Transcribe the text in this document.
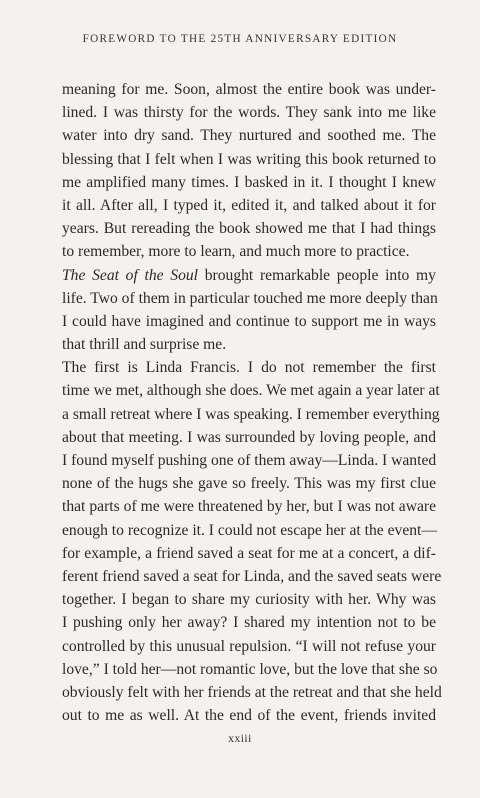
FOREWORD TO THE 25TH ANNIVERSARY EDITION
meaning for me. Soon, almost the entire book was under-
lined. I was thirsty for the words. They sank into me like
water into dry sand. They nurtured and soothed me. The
blessing that I felt when I was writing this book returned to
me amplified many times. I basked in it. I thought I knew
it all. After all, I typed it, edited it, and talked about it for
years. But rereading the book showed me that I had things
to remember, more to learn, and much more to practice.
The Seat of the Soul brought remarkable people into my
life. Two of them in particular touched me more deeply than
I could have imagined and continue to support me in ways
that thrill and surprise me.
The first is Linda Francis. I do not remember the first
time we met, although she does. We met again a year later at
a small retreat where I was speaking. I remember everything
about that meeting. I was surrounded by loving people, and
I found myself pushing one of them away—Linda. I wanted
none of the hugs she gave so freely. This was my first clue
that parts of me were threatened by her, but I was not aware
enough to recognize it. I could not escape her at the event—
for example, a friend saved a seat for me at a concert, a dif-
ferent friend saved a seat for Linda, and the saved seats were
together. I began to share my curiosity with her. Why was
I pushing only her away? I shared my intention not to be
controlled by this unusual repulsion. “I will not refuse your
love,” I told her—not romantic love, but the love that she so
obviously felt with her friends at the retreat and that she held
out to me as well. At the end of the event, friends invited
xxiii
